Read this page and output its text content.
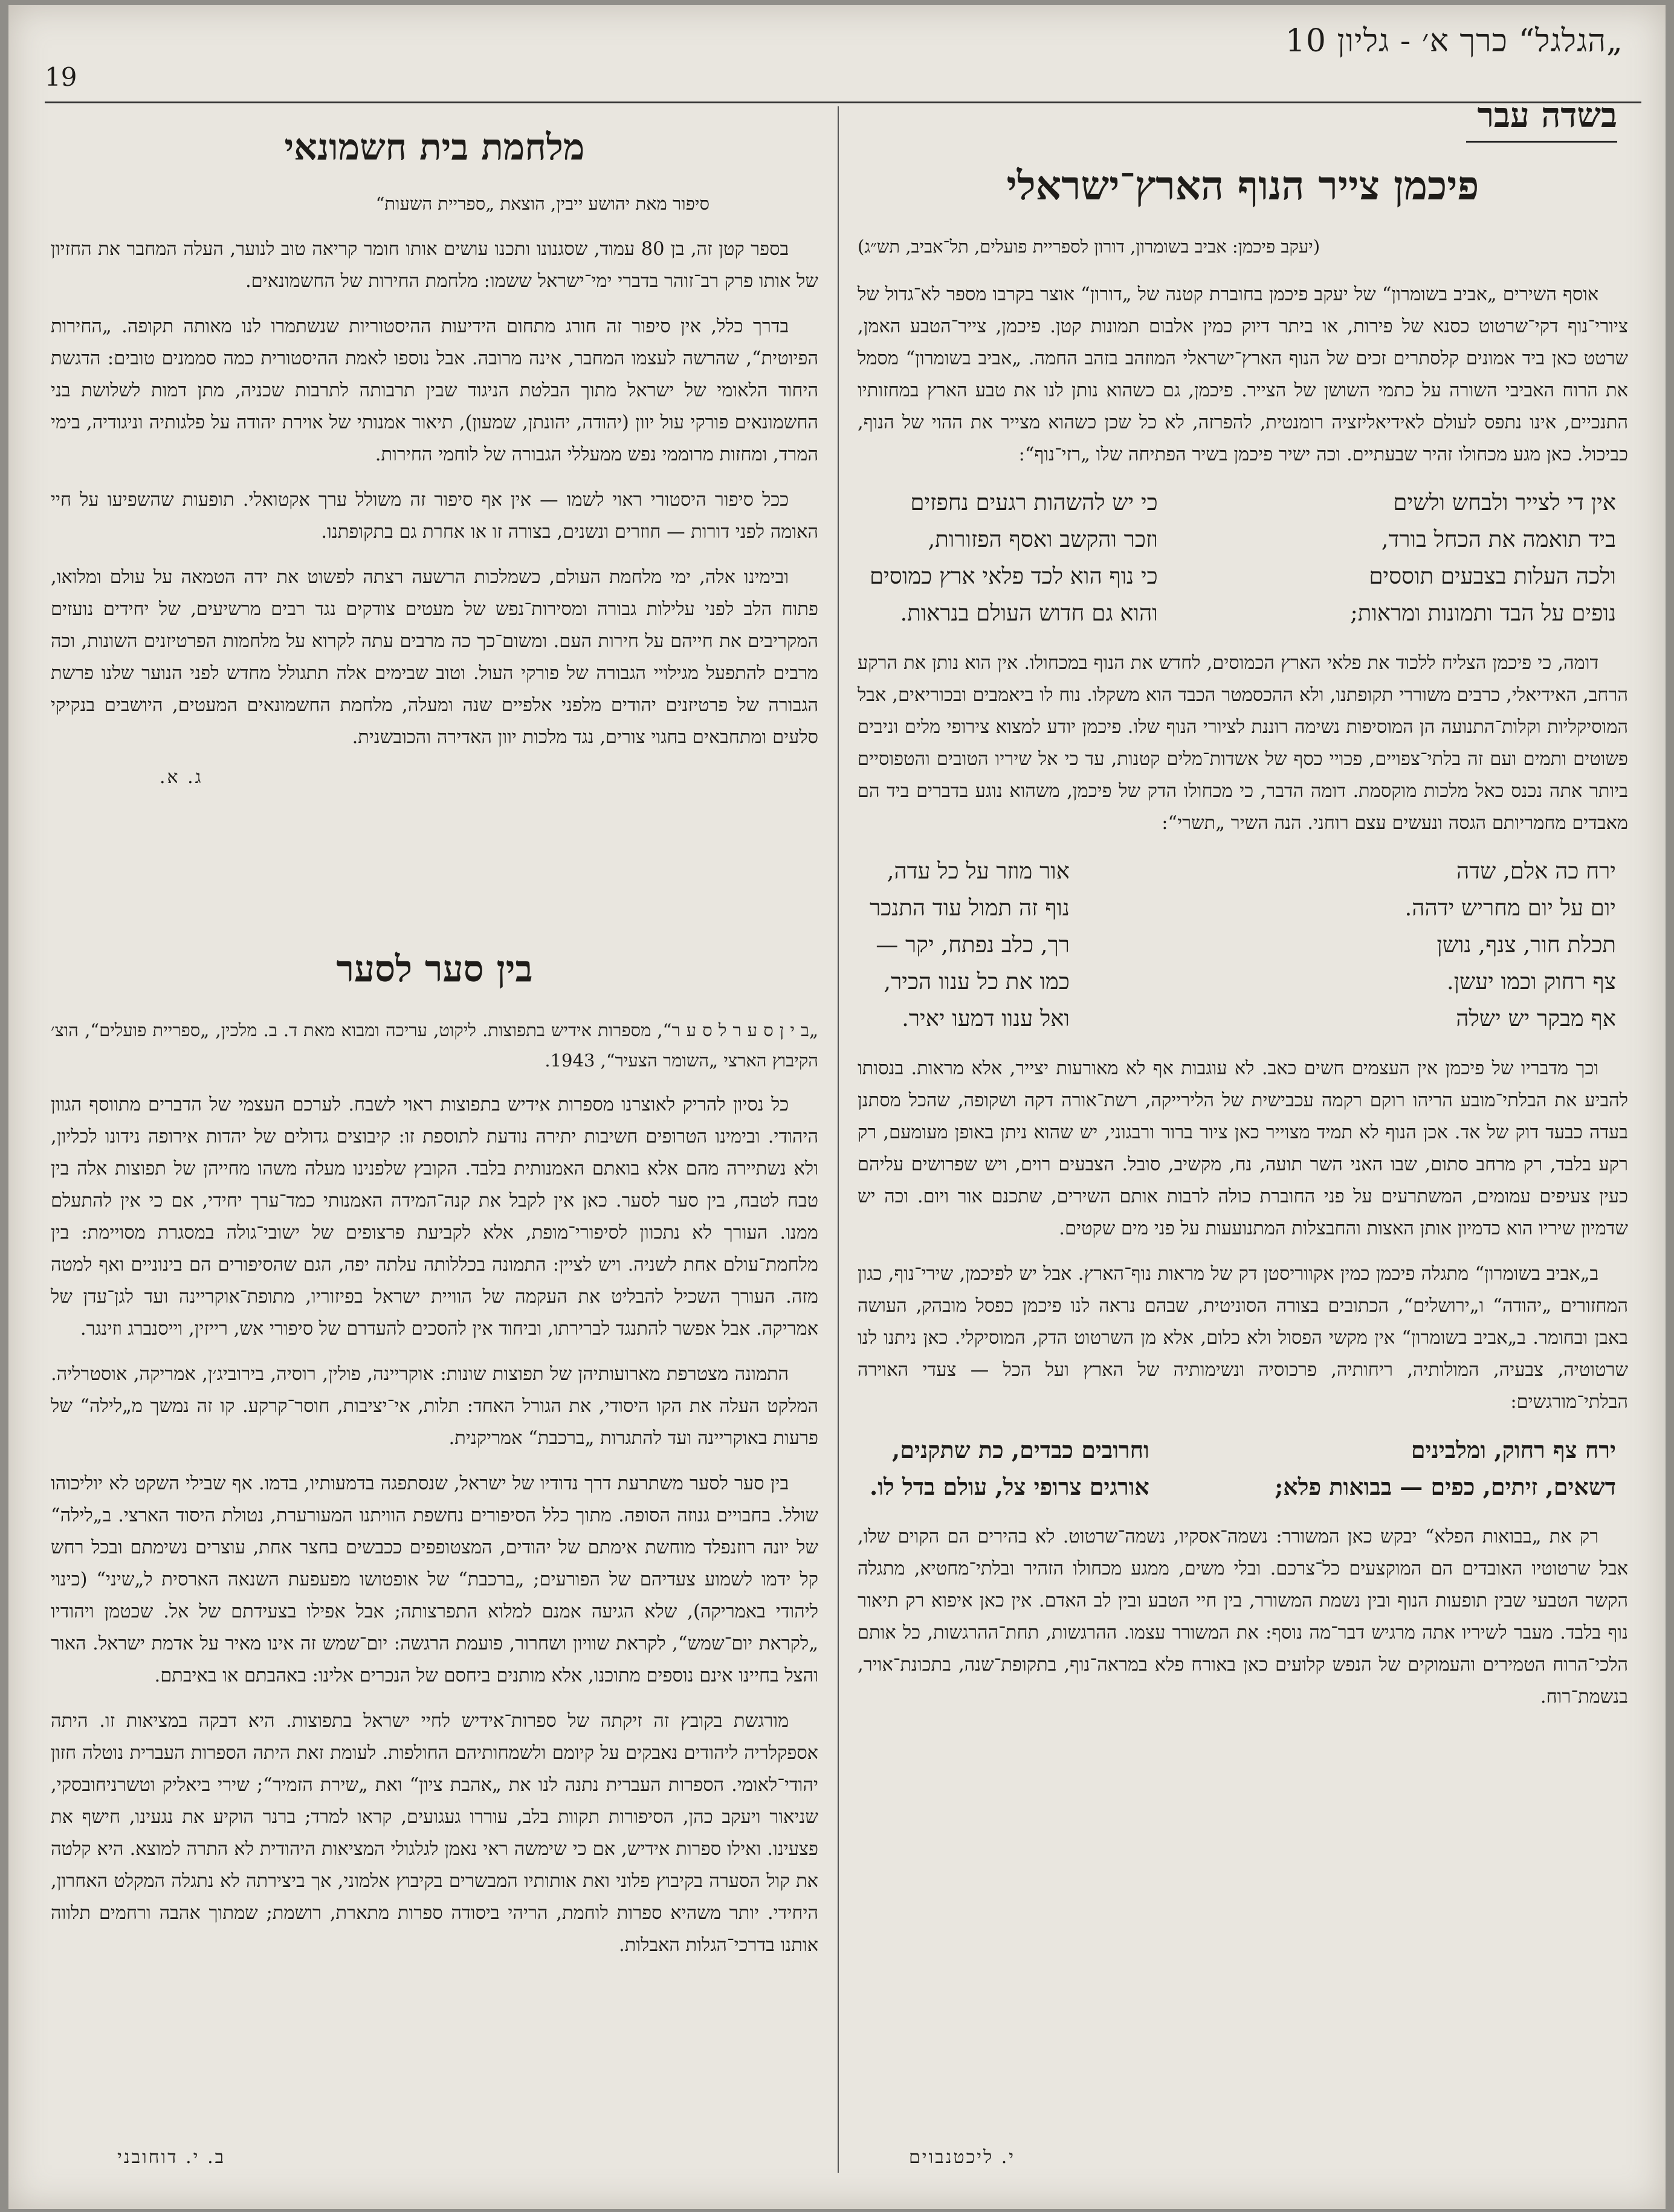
„הגלגל“ כרך א׳ - גליון 10
19
בשדה עבר
פיכמן צייר הנוף הארץ־ישראלי

(יעקב פיכמן: אביב בשומרון, דורון לספריית פועלים, תל־אביב, תש״ג)

אוסף השירים „אביב בשומרון“ של יעקב פיכמן בחוברת קטנה של „דורון“ אוצר בקרבו מספר לא־גדול של ציורי־נוף דקי־שרטוט כסנא של פירות, או ביתר דיוק כמין אלבום תמונות קטן. פיכמן, צייר־הטבע האמן, שרטט כאן ביד אמונים קלסתרים זכים של הנוף הארץ־ישראלי המוזהב בזהב החמה. „אביב בשומרון“ מסמל את הרוח האביבי השורה על כתמי השושן של הצייר. פיכמן, גם כשהוא נותן לנו את טבע הארץ במחזותיו התנכיים, אינו נתפס לעולם לאידיאליזציה רומנטית, להפרזה, לא כל שכן כשהוא מצייר את ההוי של הנוף, כביכול. כאן מגע מכחולו זהיר שבעתיים. וכה ישיר פיכמן בשיר הפתיחה שלו „רזי־נוף“:

אין די לצייר ולבחש ולשים
ביד תואמה את הכחל בורד,
ולכה העלות בצבעים תוססים
נופים על הבד ותמונות ומראות;
כי יש להשהות רגעים נחפזים
וזכר והקשב ואסף הפזורות,
כי נוף הוא לכד פלאי ארץ כמוסים
והוא גם חדוש העולם בנראות.

דומה, כי פיכמן הצליח ללכוד את פלאי הארץ הכמוסים, לחדש את הנוף במכחולו. אין הוא נותן את הרקע הרחב, האידיאלי, כרבים משוררי תקופתנו, ולא ההכסמטר הכבד הוא משקלו. נוח לו ביאמבים ובכוריאים, אבל המוסיקליות וקלות־התנועה הן המוסיפות נשימה רוננת לציורי הנוף שלו. פיכמן יודע למצוא צירופי מלים וניבים פשוטים ותמים ועם זה בלתי־צפויים, פכויי כסף של אשדות־מלים קטנות, עד כי אל שיריו הטובים והטפוסיים ביותר אתה נכנס כאל מלכות מוקסמת. דומה הדבר, כי מכחולו הדק של פיכמן, משהוא נוגע בדברים ביד הם מאבדים מחמריותם הגסה ונעשים עצם רוחני. הנה השיר „תשרי“:

ירח כה אלם, שדה
יום על יום מחריש ידהה.
תכלת חור, צנף, נושן
צף רחוק וכמו יעשן.
אף מבקר יש ישלה
אור מוזר על כל עדה,
נוף זה תמול עוד התנכר
רך, כלב נפתח, יקר —
כמו את כל ענוו הכיר,
ואל ענוו דמעו יאיר.

וכך מדבריו של פיכמן אין העצמים חשים כאב. לא עוגבות אף לא מאורעות יצייר, אלא מראות. בנסותו להביע את הבלתי־מובע הריהו רוקם רקמה עכבישית של הלירייקה, רשת־אורה דקה ושקופה, שהכל מסתנן בעדה כבעד דוק של אד. אכן הנוף לא תמיד מצוייר כאן ציור ברור ורבגוני, יש שהוא ניתן באופן מעומעם, רק רקע בלבד, רק מרחב סתום, שבו האני השר תועה, נח, מקשיב, סובל. הצבעים רוים, ויש שפרושים עליהם כעין צעיפים עמומים, המשתרעים על פני החוברת כולה לרבות אותם השירים, שתכנם אור ויום. וכה יש שדמיון שיריו הוא כדמיון אותן האצות והחבצלות המתנועעות על פני מים שקטים.

ב„אביב בשומרון“ מתגלה פיכמן כמין אקווריסטן דק של מראות נוף־הארץ. אבל יש לפיכמן, שירי־נוף, כגון המחזורים „יהודה“ ו„ירושלים“, הכתובים בצורה הסוניטית, שבהם נראה לנו פיכמן כפסל מובהק, העושה באבן ובחומר. ב„אביב בשומרון“ אין מקשי הפסול ולא כלום, אלא מן השרטוט הדק, המוסיקלי. כאן ניתנו לנו שרטוטיה, צבעיה, המולותיה, ריחותיה, פרכוסיה ונשימותיה של הארץ ועל הכל — צעדי האוירה הבלתי־מורגשים:

ירח צף רחוק, ומלבינים
דשאים, זיתים, כפים — בבואות פלא;
וחרובים כבדים, כת שתקנים,
אורגים צרופי צל, עולם בדל לו.

רק את „בבואות הפלא“ יבקש כאן המשורר: נשמה־אסקיו, נשמה־שרטוט. לא בהירים הם הקוים שלו, אבל שרטוטיו האובדים הם המוקצעים כל־צרכם. ובלי משים, ממגע מכחולו הזהיר ובלתי־מחטיא, מתגלה הקשר הטבעי שבין תופעות הנוף ובין נשמת המשורר, בין חיי הטבע ובין לב האדם. אין כאן איפוא רק תיאור נוף בלבד. מעבר לשיריו אתה מרגיש דבר־מה נוסף: את המשורר עצמו. ההרגשות, תחת־ההרגשות, כל אותם הלכי־הרוח הטמירים והעמוקים של הנפש קלועים כאן באורח פלא במראה־נוף, בתקופת־שנה, בתכונת־אויר, בנשמת־רוח.

י. ליכטנבוים
מלחמת בית חשמונאי

סיפור מאת יהושע ייבין, הוצאת „ספריית השעות“

בספר קטן זה, בן 80 עמוד, שסגנונו ותכנו עושים אותו חומר קריאה טוב לנוער, העלה המחבר את החזיון של אותו פרק רב־זוהר בדברי ימי־ישראל ששמו: מלחמת החירות של החשמונאים.

בדרך כלל, אין סיפור זה חורג מתחום הידיעות ההיסטוריות שנשתמרו לנו מאותה תקופה. „החירות הפיוטית“, שהרשה לעצמו המחבר, אינה מרובה. אבל נוספו לאמת ההיסטורית כמה סממנים טובים: הדגשת היחוד הלאומי של ישראל מתוך הבלטת הניגוד שבין תרבותה לתרבות שכניה, מתן דמות לשלושת בני החשמונאים פורקי עול יוון (יהודה, יהונתן, שמעון), תיאור אמנותי של אוירת יהודה על פלגותיה וניגודיה, בימי המרד, ומחזות מרוממי נפש ממעללי הגבורה של לוחמי החירות.

ככל סיפור היסטורי ראוי לשמו — אין אף סיפור זה משולל ערך אקטואלי. תופעות שהשפיעו על חיי האומה לפני דורות — חוזרים ונשנים, בצורה זו או אחרת גם בתקופתנו.

ובימינו אלה, ימי מלחמת העולם, כשמלכות הרשעה רצתה לפשוט את ידה הטמאה על עולם ומלואו, פתוח הלב לפני עלילות גבורה ומסירות־נפש של מעטים צודקים נגד רבים מרשיעים, של יחידים נועזים המקריבים את חייהם על חירות העם. ומשום־כך כה מרבים עתה לקרוא על מלחמות הפרטיזנים השונות, וכה מרבים להתפעל מגילויי הגבורה של פורקי העול. וטוב שבימים אלה תתגולל מחדש לפני הנוער שלנו פרשת הגבורה של פרטיזנים יהודים מלפני אלפיים שנה ומעלה, מלחמת החשמונאים המעטים, היושבים בנקיקי סלעים ומתחבאים בחגוי צורים, נגד מלכות יוון האדירה והכובשנית.

ג. א.
בין סער לסער

„ב י ן ס ע ר ל ס ע ר“, מספרות אידיש בתפוצות. ליקוט, עריכה ומבוא מאת ד. ב. מלכין, „ספריית פועלים“, הוצ׳ הקיבוץ הארצי „השומר הצעיר“, 1943.

כל נסיון להריק לאוצרנו מספרות אידיש בתפוצות ראוי לשבח. לערכם העצמי של הדברים מתווסף הגוון היהודי. ובימינו הטרופים חשיבות יתירה נודעת לתוספת זו: קיבוצים גדולים של יהדות אירופה נידונו לכליון, ולא נשתיירה מהם אלא בואתם האמנותית בלבד. הקובץ שלפנינו מעלה משהו מחייהן של תפוצות אלה בין טבח לטבח, בין סער לסער. כאן אין לקבל את קנה־המידה האמנותי כמד־ערך יחידי, אם כי אין להתעלם ממנו. העורך לא נתכוון לסיפורי־מופת, אלא לקביעת פרצופים של ישובי־גולה במסגרת מסויימת: בין מלחמת־עולם אחת לשניה. ויש לציין: התמונה בכללותה עלתה יפה, הגם שהסיפורים הם בינוניים ואף למטה מזה. העורך השכיל להבליט את העקמה של הוויית ישראל בפיזוריו, מתופת־אוקריינה ועד לגן־עדן של אמריקה. אבל אפשר להתנגד לברירתו, וביחוד אין להסכים להעדרם של סיפורי אש, רייזין, וייסנברג וזינגר.

התמונה מצטרפת מארועותיהן של תפוצות שונות: אוקריינה, פולין, רוסיה, בירוביג׳ן, אמריקה, אוסטרליה. המלקט העלה את הקו היסודי, את הגורל האחד: תלות, אי־יציבות, חוסר־קרקע. קו זה נמשך מ„לילה“ של פרעות באוקריינה ועד להתגרות „ברכבת“ אמריקנית.

בין סער לסער משתרעת דרך נדודיו של ישראל, שנסתפגה בדמעותיו, בדמו. אף שבילי השקט לא יוליכוהו שולל. בחבויים גנוזה הסופה. מתוך כלל הסיפורים נחשפת הוויתנו המעורערת, נטולת היסוד הארצי. ב„לילה“ של יונה רוזנפלד מוחשת אימתם של יהודים, המצטופפים ככבשים בחצר אחת, עוצרים נשימתם ובכל רחש קל ידמו לשמוע צעדיהם של הפורעים; „ברכבת“ של אופטושו מפעפעת השנאה הארסית ל„שיני“ (כינוי ליהודי באמריקה), שלא הגיעה אמנם למלוא התפרצותה; אבל אפילו בצעידתם של אל. שכטמן ויהודיו „לקראת יום־שמש“, לקראת שוויון ושחרור, פועמת הרגשה: יום־שמש זה אינו מאיר על אדמת ישראל. האור והצל בחיינו אינם נוספים מתוכנו, אלא מותנים ביחסם של הנכרים אלינו: באהבתם או באיבתם.

מורגשת בקובץ זה זיקתה של ספרות־אידיש לחיי ישראל בתפוצות. היא דבקה במציאות זו. היתה אספקלריה ליהודים נאבקים על קיומם ולשמחותיהם החולפות. לעומת זאת היתה הספרות העברית נוטלה חזון יהודי־לאומי. הספרות העברית נתנה לנו את „אהבת ציון“ ואת „שירת הזמיר“; שירי ביאליק וטשרניחובסקי, שניאור ויעקב כהן, הסיפורות תקוות בלב, עוררו געגועים, קראו למרד; ברנר הוקיע את נגעינו, חישף את פצעינו. ואילו ספרות אידיש, אם כי שימשה ראי נאמן לגלגולי המציאות היהודית לא התרה למוצא. היא קלטה את קול הסערה בקיבוץ פלוני ואת אותותיו המבשרים בקיבוץ אלמוני, אך ביצירתה לא נתגלה המקלט האחרון, היחידי. יותר משהיא ספרות לוחמת, הריהי ביסודה ספרות מתארת, רושמת; שמתוך אהבה ורחמים תלווה אותנו בדרכי־הגלות האבלות.

ב. י. דוחובני
